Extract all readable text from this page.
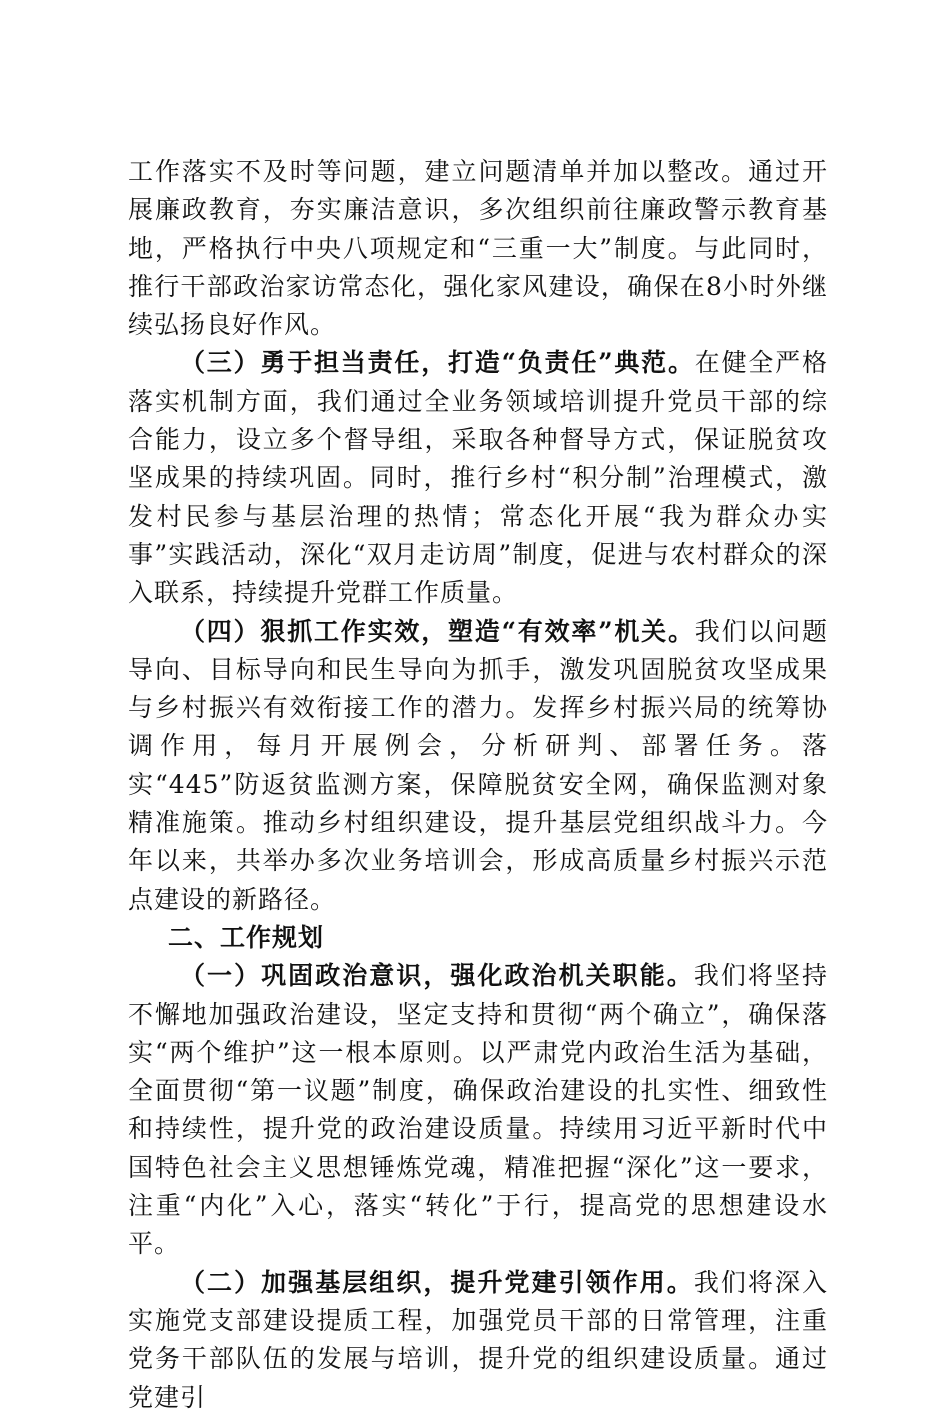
工作落实不及时等问题，建立问题清单并加以整改。通过开展廉政教育，夯实廉洁意识，多次组织前往廉政警示教育基地，严格执行中央八项规定和“三重一大”制度。与此同时，推行干部政治家访常态化，强化家风建设，确保在8小时外继续弘扬良好作风。

（三）勇于担当责任，打造“负责任”典范。在健全严格落实机制方面，我们通过全业务领域培训提升党员干部的综合能力，设立多个督导组，采取各种督导方式，保证脱贫攻坚成果的持续巩固。同时，推行乡村“积分制”治理模式，激发村民参与基层治理的热情；常态化开展“我为群众办实事”实践活动，深化“双月走访周”制度，促进与农村群众的深入联系，持续提升党群工作质量。

（四）狠抓工作实效，塑造“有效率”机关。我们以问题导向、目标导向和民生导向为抓手，激发巩固脱贫攻坚成果与乡村振兴有效衔接工作的潜力。发挥乡村振兴局的统筹协调作用，每月开展例会，分析研判、部署任务。落实“445”防返贫监测方案，保障脱贫安全网，确保监测对象精准施策。推动乡村组织建设，提升基层党组织战斗力。今年以来，共举办多次业务培训会，形成高质量乡村振兴示范点建设的新路径。

二、工作规划

（一）巩固政治意识，强化政治机关职能。我们将坚持不懈地加强政治建设，坚定支持和贯彻“两个确立”，确保落实“两个维护”这一根本原则。以严肃党内政治生活为基础，全面贯彻“第一议题”制度，确保政治建设的扎实性、细致性和持续性，提升党的政治建设质量。持续用习近平新时代中国特色社会主义思想锤炼党魂，精准把握“深化”这一要求，注重“内化”入心，落实“转化”于行，提高党的思想建设水平。

（二）加强基层组织，提升党建引领作用。我们将深入实施党支部建设提质工程，加强党员干部的日常管理，注重党务干部队伍的发展与培训，提升党的组织建设质量。通过党建引
